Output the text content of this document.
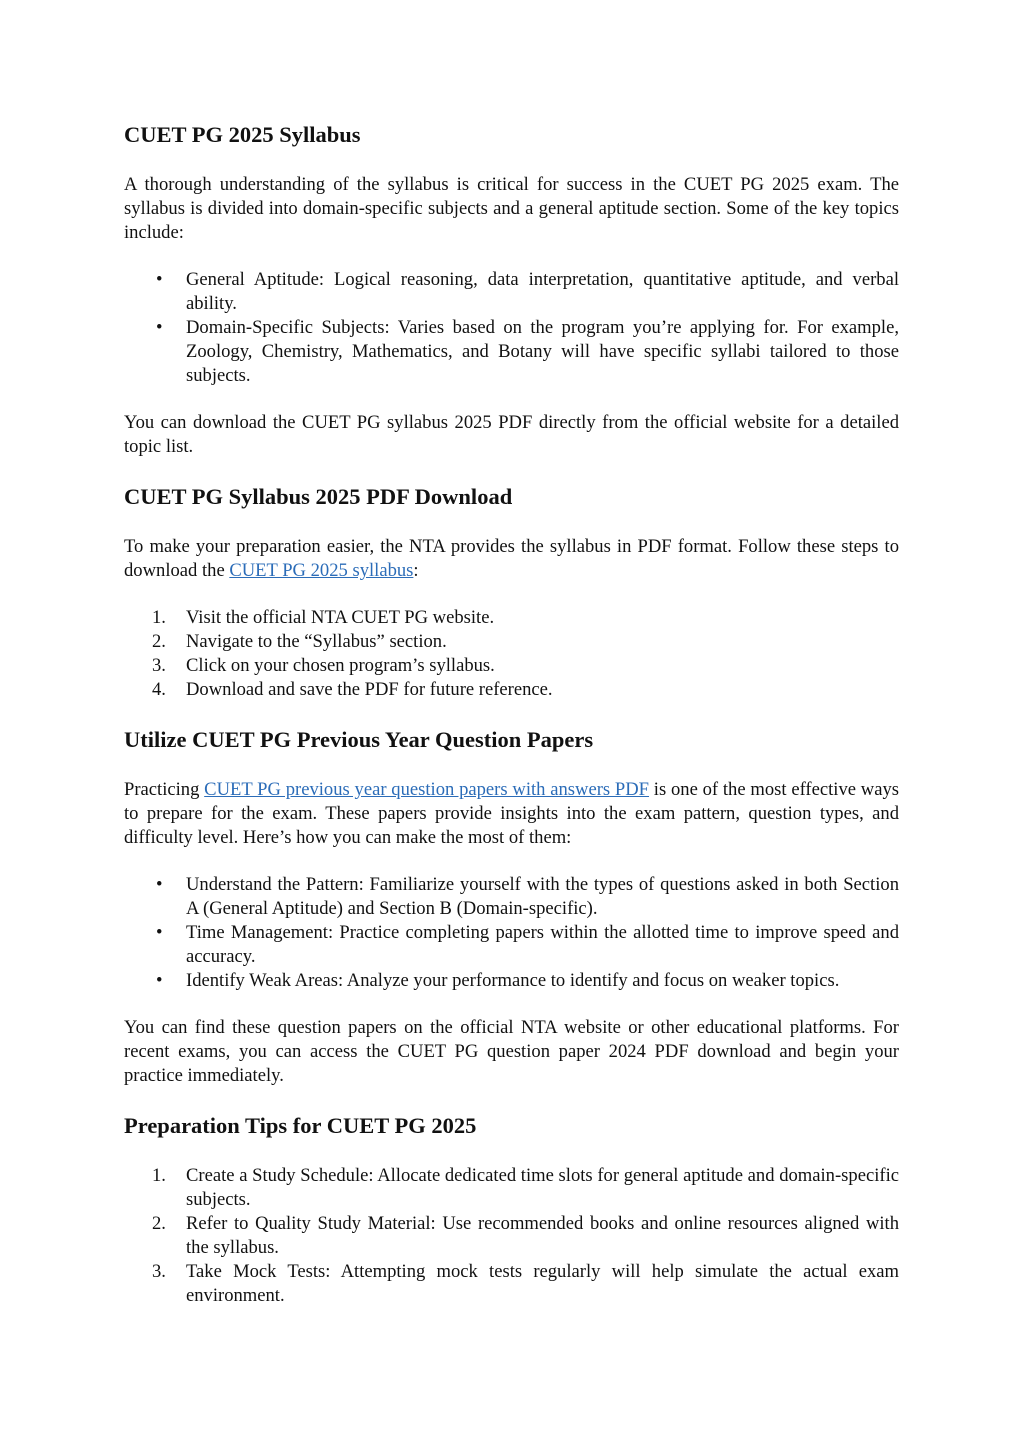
CUET PG 2025 Syllabus

A thorough understanding of the syllabus is critical for success in the CUET PG 2025 exam. The syllabus is divided into domain-specific subjects and a general aptitude section. Some of the key topics include:

•	General Aptitude: Logical reasoning, data interpretation, quantitative aptitude, and verbal ability.
•	Domain-Specific Subjects: Varies based on the program you’re applying for. For example, Zoology, Chemistry, Mathematics, and Botany will have specific syllabi tailored to those subjects.

You can download the CUET PG syllabus 2025 PDF directly from the official website for a detailed topic list.

CUET PG Syllabus 2025 PDF Download

To make your preparation easier, the NTA provides the syllabus in PDF format. Follow these steps to download the CUET PG 2025 syllabus:

1.	Visit the official NTA CUET PG website.
2.	Navigate to the “Syllabus” section.
3.	Click on your chosen program’s syllabus.
4.	Download and save the PDF for future reference.
Utilize CUET PG Previous Year Question Papers

Practicing CUET PG previous year question papers with answers PDF is one of the most effective ways to prepare for the exam. These papers provide insights into the exam pattern, question types, and difficulty level. Here’s how you can make the most of them:

•	Understand the Pattern: Familiarize yourself with the types of questions asked in both Section A (General Aptitude) and Section B (Domain-specific).
•	Time Management: Practice completing papers within the allotted time to improve speed and accuracy.
•	Identify Weak Areas: Analyze your performance to identify and focus on weaker topics.

You can find these question papers on the official NTA website or other educational platforms. For recent exams, you can access the CUET PG question paper 2024 PDF download and begin your practice immediately.

Preparation Tips for CUET PG 2025
1.	Create a Study Schedule: Allocate dedicated time slots for general aptitude and domain-specific subjects.
2.	Refer to Quality Study Material: Use recommended books and online resources aligned with the syllabus.
3.	Take Mock Tests: Attempting mock tests regularly will help simulate the actual exam environment.
